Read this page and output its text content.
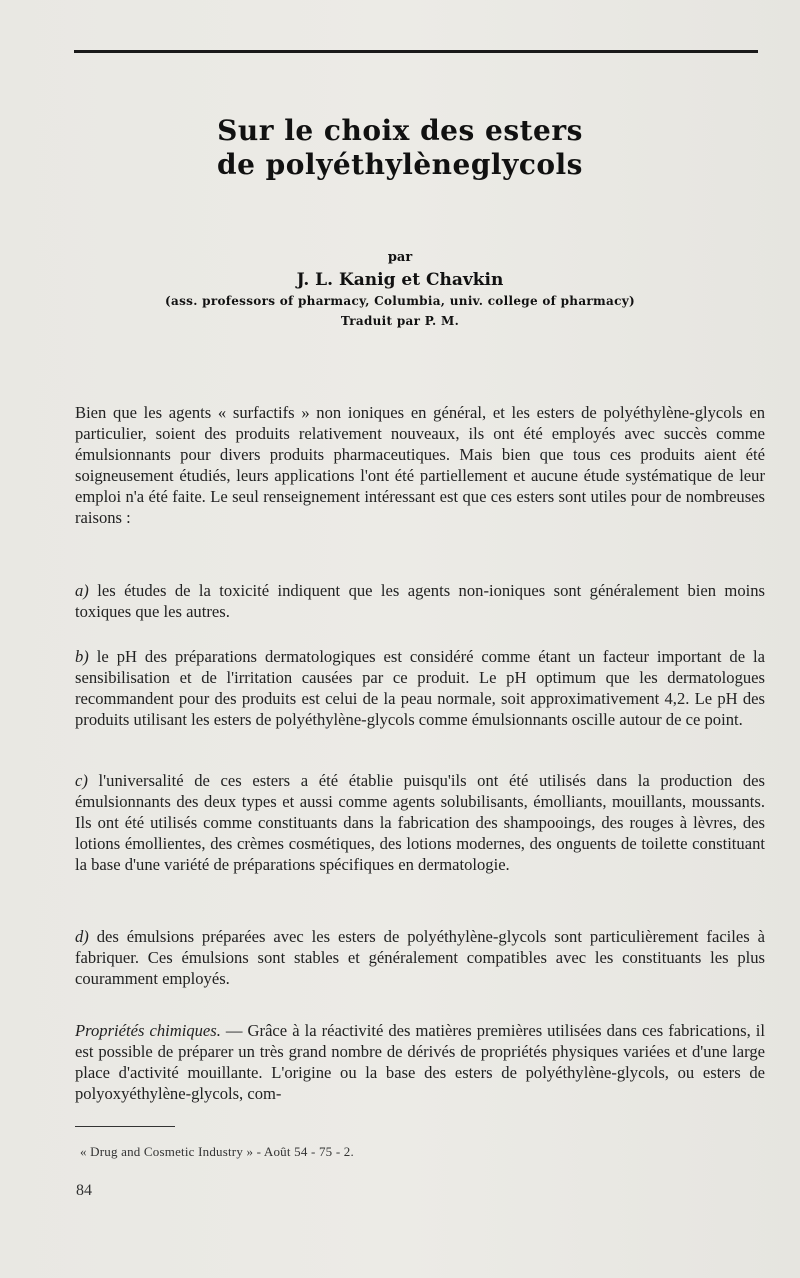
Sur le choix des esters
de polyéthylèneglycols
par
J. L. Kanig et Chavkin
(ass. professors of pharmacy, Columbia, univ. college of pharmacy)
Traduit par P. M.

Bien que les agents « surfactifs » non ioniques en général, et les esters de polyéthylène-glycols en particulier, soient des produits relativement nouveaux, ils ont été employés avec succès comme émulsionnants pour divers produits pharmaceutiques. Mais bien que tous ces produits aient été soigneusement étudiés, leurs applications l'ont été partiellement et aucune étude systématique de leur emploi n'a été faite. Le seul renseignement intéressant est que ces esters sont utiles pour de nombreuses raisons :

a) les études de la toxicité indiquent que les agents non-ioniques sont généralement bien moins toxiques que les autres.

b) le pH des préparations dermatologiques est considéré comme étant un facteur important de la sensibilisation et de l'irritation causées par ce produit. Le pH optimum que les dermatologues recommandent pour des produits est celui de la peau normale, soit approximativement 4,2. Le pH des produits utilisant les esters de polyéthylène-glycols comme émulsionnants oscille autour de ce point.

c) l'universalité de ces esters a été établie puisqu'ils ont été utilisés dans la production des émulsionnants des deux types et aussi comme agents solubilisants, émolliants, mouillants, moussants. Ils ont été utilisés comme constituants dans la fabrication des shampooings, des rouges à lèvres, des lotions émollientes, des crèmes cosmétiques, des lotions modernes, des onguents de toilette constituant la base d'une variété de préparations spécifiques en dermatologie.

d) des émulsions préparées avec les esters de polyéthylène-glycols sont particulièrement faciles à fabriquer. Ces émulsions sont stables et généralement compatibles avec les constituants les plus couramment employés.

Propriétés chimiques. — Grâce à la réactivité des matières premières utilisées dans ces fabrications, il est possible de préparer un très grand nombre de dérivés de propriétés physiques variées et d'une large place d'activité mouillante. L'origine ou la base des esters de polyéthylène-glycols, ou esters de polyoxyéthylène-glycols, com-

« Drug and Cosmetic Industry » - Août 54 - 75 - 2.
84
